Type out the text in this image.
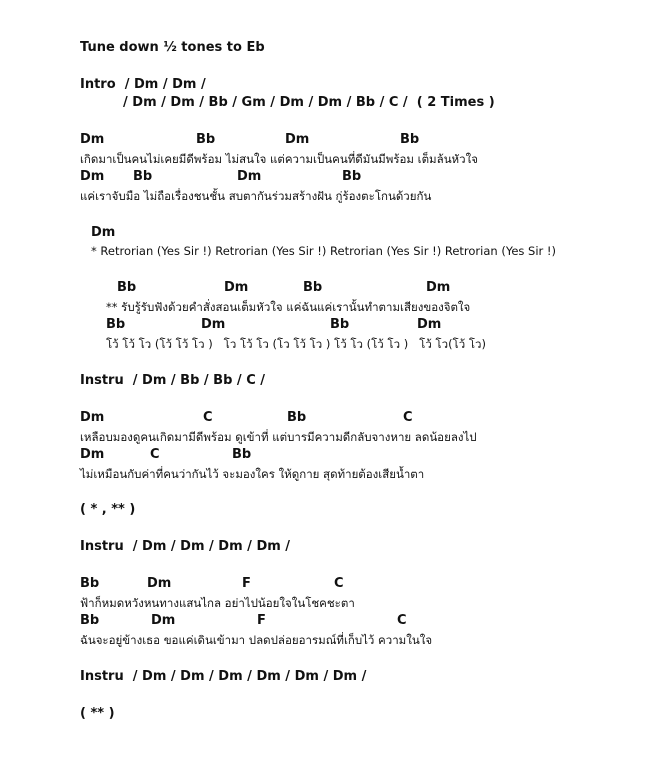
Tune down ½ tones to Eb
Intro  / Dm / Dm /
/ Dm / Dm / Bb / Gm / Dm / Dm / Bb / C /  ( 2 Times )
Dm	Bb	Dm	Bb
เกิดมาเป็นคนไม่เคยมีดีพร้อม ไม่สนใจ แต่ความเป็นคนที่ดีมันมีพร้อม เต็มล้นหัวใจ
Dm Bb	Dm	Bb
แค่เราจับมือ ไม่ถือเรื่องชนชั้น สบตากันร่วมสร้างฝัน กู่ร้องตะโกนด้วยกัน
Dm
* Retrorian (Yes Sir !) Retrorian (Yes Sir !) Retrorian (Yes Sir !) Retrorian (Yes Sir !)
Bb	Dm	Bb	Dm
** รับรู้รับฟังด้วยคำสั่งสอนเต็มหัวใจ แค่ฉันแค่เรานั้นทำตามเสียงของจิตใจ
Bb	Dm	Bb	Dm
โว้ โว้ โว (โว้ โว้ โว )   โว โว้ โว (โว โว้ โว ) โว้ โว (โว้ โว )   โว้ โว(โว้ โว)
Instru  / Dm / Bb / Bb / C /
Dm	C	Bb	C
เหลือบมองดูคนเกิดมามีดีพร้อม ดูเข้าที่ แต่บารมีความดีกลับจางหาย ลดน้อยลงไป
Dm	C	Bb
ไม่เหมือนกับค่าที่คนว่ากันไว้ จะมองใคร ให้ดูกาย สุดท้ายต้องเสียน้ำตา
( * , ** )
Instru  / Dm / Dm / Dm / Dm /
Bb	Dm	F	C
ฟ้าก็หมดหวังหนทางแสนไกล อย่าไปน้อยใจในโชคชะตา
Bb	Dm	F	C
ฉันจะอยู่ข้างเธอ ขอแค่เดินเข้ามา ปลดปล่อยอารมณ์ที่เก็บไว้ ความในใจ
Instru  / Dm / Dm / Dm / Dm / Dm / Dm /
( ** )
